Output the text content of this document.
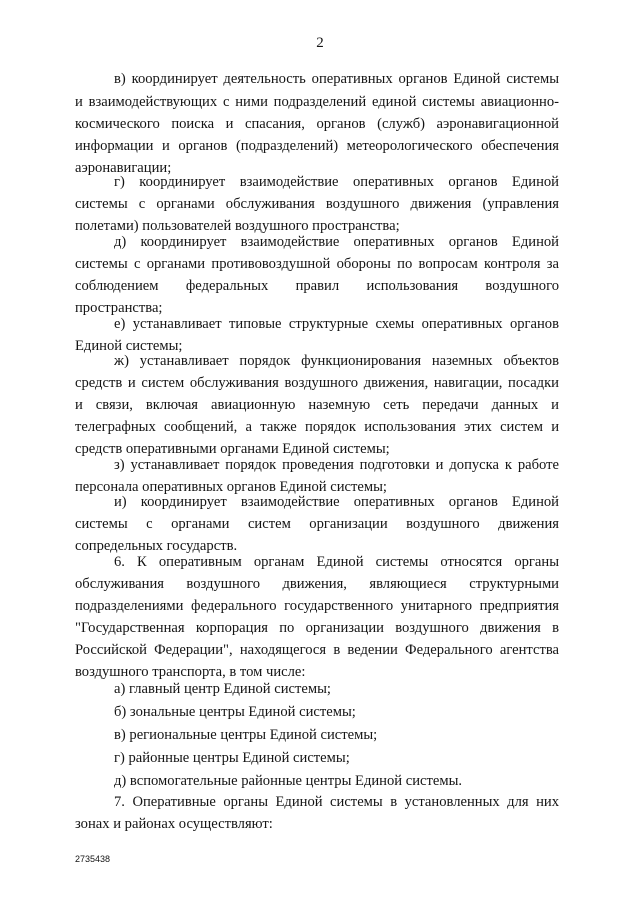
2
в) координирует деятельность оперативных органов Единой системы
и взаимодействующих с ними подразделений единой системы авиационно-
космического поиска и спасания, органов (служб) аэронавигационной
информации и органов (подразделений) метеорологического обеспечения
аэронавигации;
г) координирует взаимодействие оперативных органов Единой
системы с органами обслуживания воздушного движения (управления
полетами) пользователей воздушного пространства;
д) координирует взаимодействие оперативных органов Единой
системы с органами противовоздушной обороны по вопросам контроля за
соблюдением федеральных правил использования воздушного
пространства;
е) устанавливает типовые структурные схемы оперативных органов
Единой системы;
ж) устанавливает порядок функционирования наземных объектов
средств и систем обслуживания воздушного движения, навигации, посадки
и связи, включая авиационную наземную сеть передачи данных и
телеграфных сообщений, а также порядок использования этих систем и
средств оперативными органами Единой системы;
з) устанавливает порядок проведения подготовки и допуска к работе
персонала оперативных органов Единой системы;
и) координирует взаимодействие оперативных органов Единой
системы с органами систем организации воздушного движения
сопредельных государств.
6. К оперативным органам Единой системы относятся органы
обслуживания воздушного движения, являющиеся структурными
подразделениями федерального государственного унитарного предприятия
"Государственная корпорация по организации воздушного движения в
Российской Федерации", находящегося в ведении Федерального агентства
воздушного транспорта, в том числе:
а) главный центр Единой системы;
б) зональные центры Единой системы;
в) региональные центры Единой системы;
г) районные центры Единой системы;
д) вспомогательные районные центры Единой системы.
7. Оперативные органы Единой системы в установленных для них
зонах и районах осуществляют:
2735438
